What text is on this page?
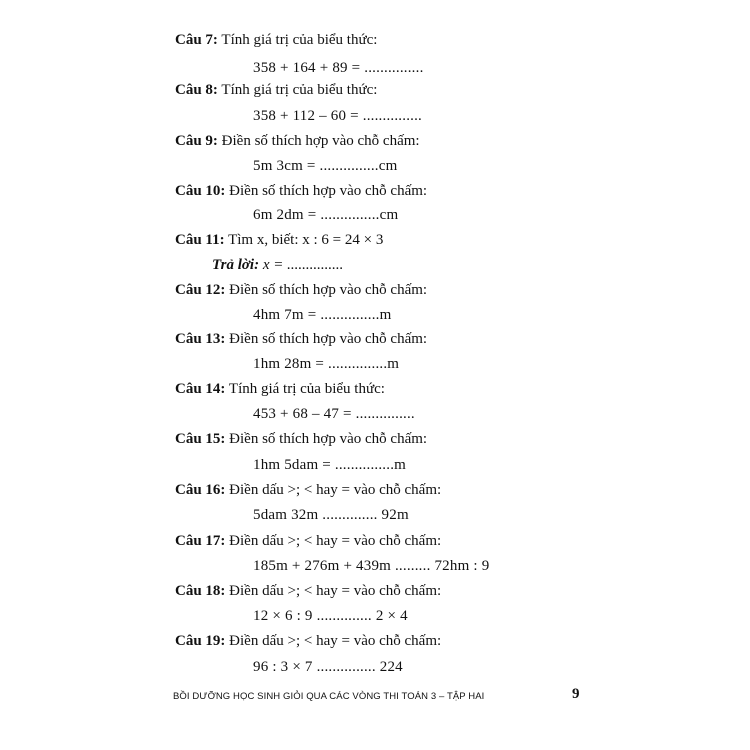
Câu 7: Tính giá trị của biểu thức:
358 + 164 + 89 = ...............
Câu 8: Tính giá trị của biểu thức:
358 + 112 – 60 = ...............
Câu 9: Điền số thích hợp vào chỗ chấm:
5m 3cm = ...............cm
Câu 10: Điền số thích hợp vào chỗ chấm:
6m 2dm = ...............cm
Câu 11: Tìm x, biết: x : 6 = 24 × 3
Trả lời: x = ...............
Câu 12: Điền số thích hợp vào chỗ chấm:
4hm 7m = ...............m
Câu 13: Điền số thích hợp vào chỗ chấm:
1hm 28m = ...............m
Câu 14: Tính giá trị của biểu thức:
453 + 68 – 47 = ...............
Câu 15: Điền số thích hợp vào chỗ chấm:
1hm 5dam = ...............m
Câu 16: Điền dấu >; < hay = vào chỗ chấm:
5dam 32m .............. 92m
Câu 17: Điền dấu >; < hay = vào chỗ chấm:
185m + 276m + 439m ......... 72hm : 9
Câu 18: Điền dấu >; < hay = vào chỗ chấm:
12 × 6 : 9 .............. 2 × 4
Câu 19: Điền dấu >; < hay = vào chỗ chấm:
96 : 3 × 7 ............... 224
BỒI DƯỠNG HỌC SINH GIỎI QUA CÁC VÒNG THI TOÁN 3 – TẬP HAI	9
